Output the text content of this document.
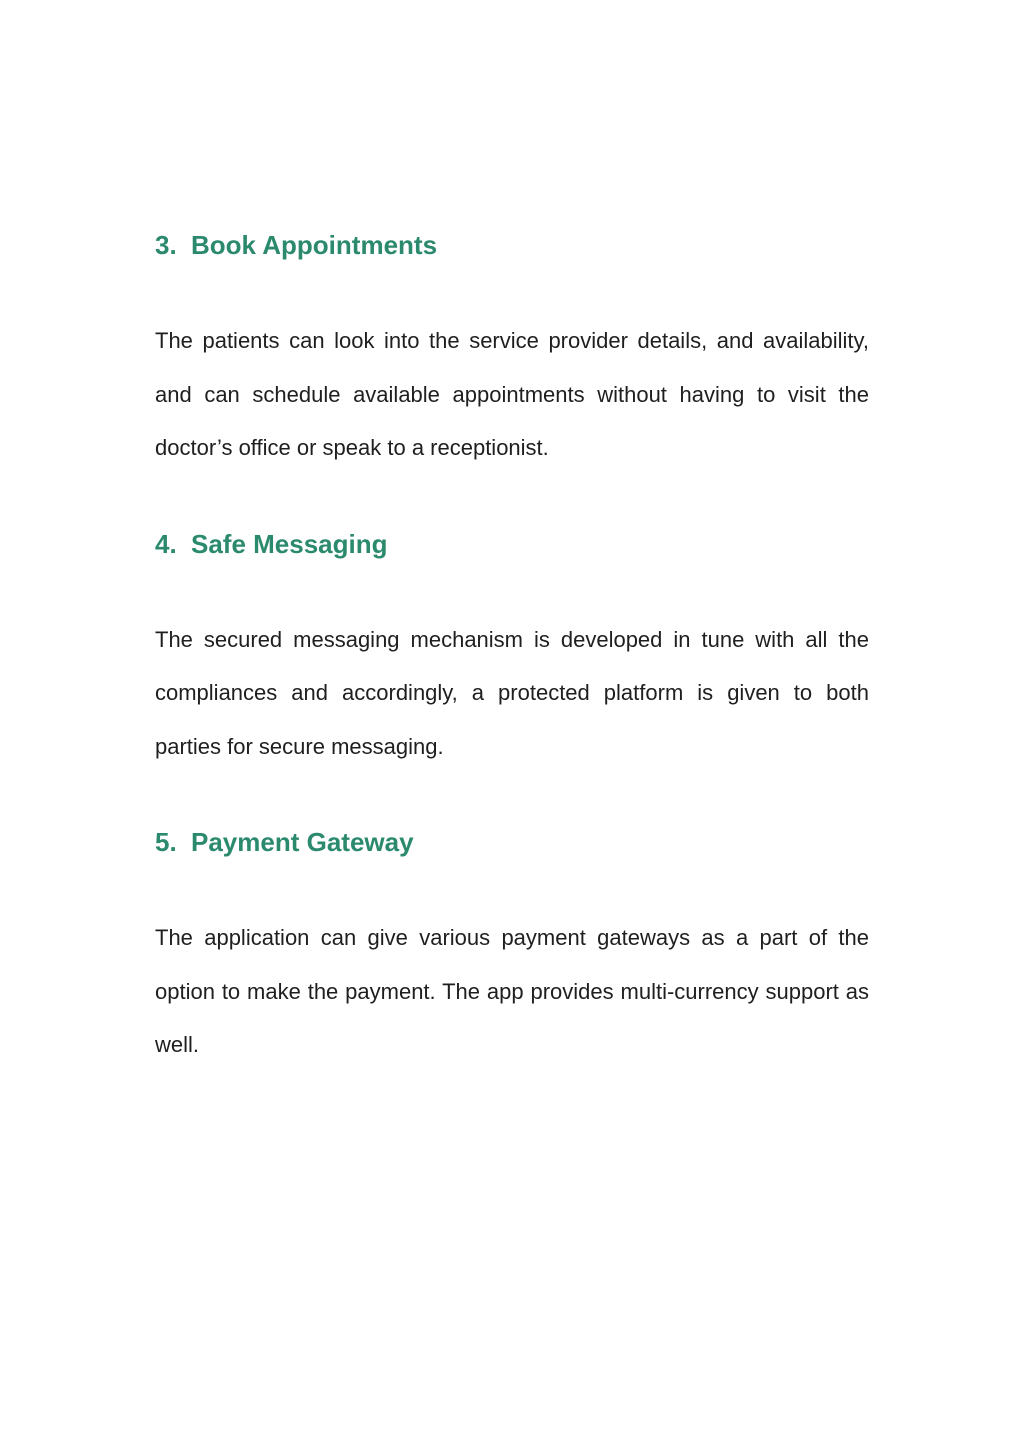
3. Book Appointments

The patients can look into the service provider details, and availability, and can schedule available appointments without having to visit the doctor’s office or speak to a receptionist.

4. Safe Messaging

The secured messaging mechanism is developed in tune with all the compliances and accordingly, a protected platform is given to both parties for secure messaging.

5. Payment Gateway

The application can give various payment gateways as a part of the option to make the payment. The app provides multi-currency support as well.
